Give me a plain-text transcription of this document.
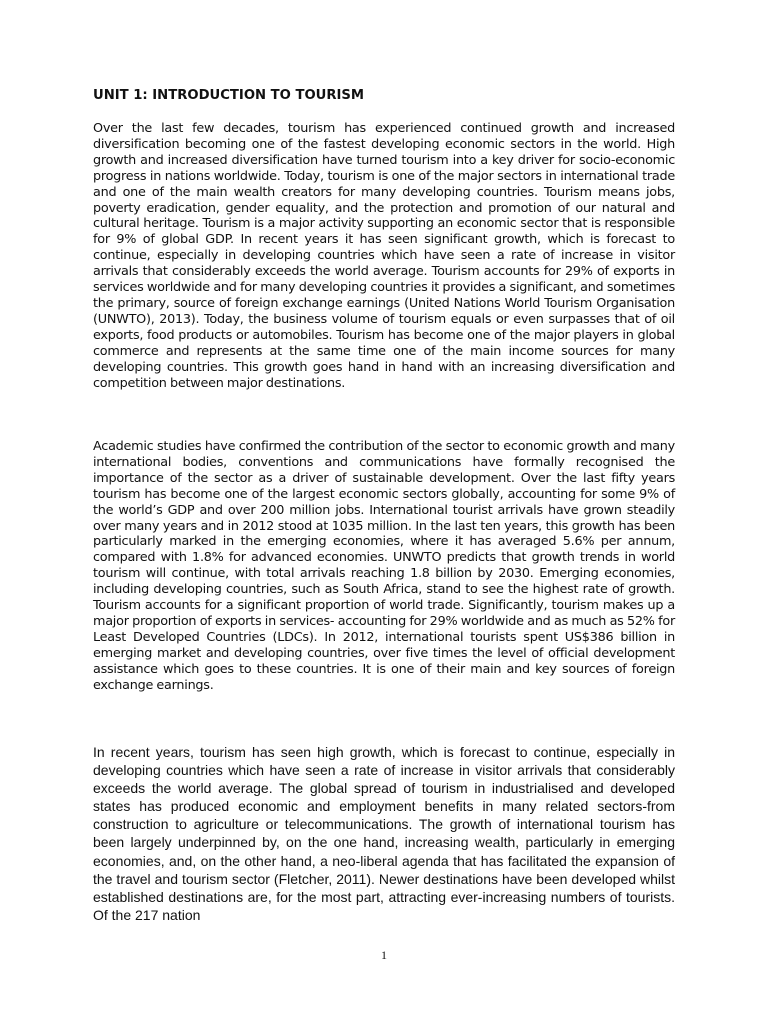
UNIT 1: INTRODUCTION TO TOURISM

Over the last few decades, tourism has experienced continued growth and increased diversification becoming one of the fastest developing economic sectors in the world. High growth and increased diversification have turned tourism into a key driver for socio-economic progress in nations worldwide. Today, tourism is one of the major sectors in international trade and one of the main wealth creators for many developing countries. Tourism means jobs, poverty eradication, gender equality, and the protection and promotion of our natural and cultural heritage. Tourism is a major activity supporting an economic sector that is responsible for 9% of global GDP. In recent years it has seen significant growth, which is forecast to continue, especially in developing countries which have seen a rate of increase in visitor arrivals that considerably exceeds the world average. Tourism accounts for 29% of exports in services worldwide and for many developing countries it provides a significant, and sometimes the primary, source of foreign exchange earnings (United Nations World Tourism Organisation (UNWTO), 2013). Today, the business volume of tourism equals or even surpasses that of oil exports, food products or automobiles. Tourism has become one of the major players in global commerce and represents at the same time one of the main income sources for many developing countries. This growth goes hand in hand with an increasing diversification and competition between major destinations.

Academic studies have confirmed the contribution of the sector to economic growth and many international bodies, conventions and communications have formally recognised the importance of the sector as a driver of sustainable development. Over the last fifty years tourism has become one of the largest economic sectors globally, accounting for some 9% of the world’s GDP and over 200 million jobs. International tourist arrivals have grown steadily over many years and in 2012 stood at 1035 million. In the last ten years, this growth has been particularly marked in the emerging economies, where it has averaged 5.6% per annum, compared with 1.8% for advanced economies. UNWTO predicts that growth trends in world tourism will continue, with total arrivals reaching 1.8 billion by 2030. Emerging economies, including developing countries, such as South Africa, stand to see the highest rate of growth. Tourism accounts for a significant proportion of world trade. Significantly, tourism makes up a major proportion of exports in services- accounting for 29% worldwide and as much as 52% for Least Developed Countries (LDCs). In 2012, international tourists spent US$386 billion in emerging market and developing countries, over five times the level of official development assistance which goes to these countries. It is one of their main and key sources of foreign exchange earnings.

In recent years, tourism has seen high growth, which is forecast to continue, especially in developing countries which have seen a rate of increase in visitor arrivals that considerably exceeds the world average. The global spread of tourism in industrialised and developed states has produced economic and employment benefits in many related sectors-from construction to agriculture or telecommunications. The growth of international tourism has been largely underpinned by, on the one hand, increasing wealth, particularly in emerging economies, and, on the other hand, a neo-liberal agenda that has facilitated the expansion of the travel and tourism sector (Fletcher, 2011). Newer destinations have been developed whilst established destinations are, for the most part, attracting ever-increasing numbers of tourists. Of the 217 nation

1
